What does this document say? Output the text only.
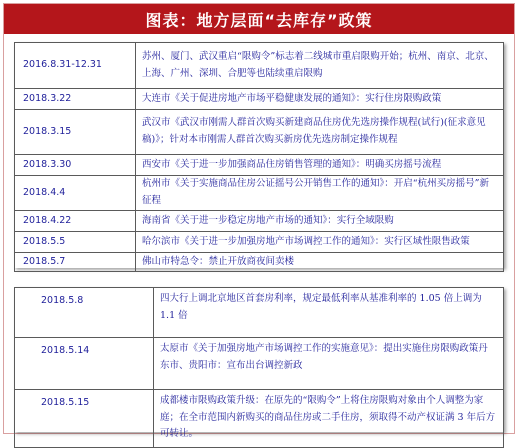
图表：地方层面“去库存”政策
2016.8.31-12.31	苏州、厦门、武汉重启“限购令”标志着二线城市重启限购开始；杭州、南京、北京、上海、广州、深圳、合肥等也陆续重启限购
2018.3.22	大连市《关于促进房地产市场平稳健康发展的通知》：实行住房限购政策
2018.3.15	武汉市《武汉市刚需人群首次购买新建商品住房优先选房操作规程(试行)(征求意见稿)》；针对本市刚需人群首次购买新房优先选房制定操作规程
2018.3.30	西安市《关于进一步加强商品住房销售管理的通知》：明确买房摇号流程
2018.4.4	杭州市《关于实施商品住房公证摇号公开销售工作的通知》：开启“杭州买房摇号”新征程
2018.4.22	海南省《关于进一步稳定房地产市场的通知》：实行全域限购
2018.5.5	哈尔滨市《关于进一步加强房地产市场调控工作的通知》：实行区域性限售政策
2018.5.7	佛山市特急令：禁止开放商夜间卖楼
2018.5.8	四大行上调北京地区首套房利率，规定最低利率从基准利率的 1.05 倍上调为 1.1 倍
2018.5.14	太原市《关于加强房地产市场调控工作的实施意见》：提出实施住房限购政策丹东市、贵阳市：宣布出台调控新政
2018.5.15	成都楼市限购政策升级：在原先的“限购令”上将住房限购对象由个人调整为家庭；在全市范围内新购买的商品住房或二手住房，须取得不动产权证满 3 年后方可转让。
